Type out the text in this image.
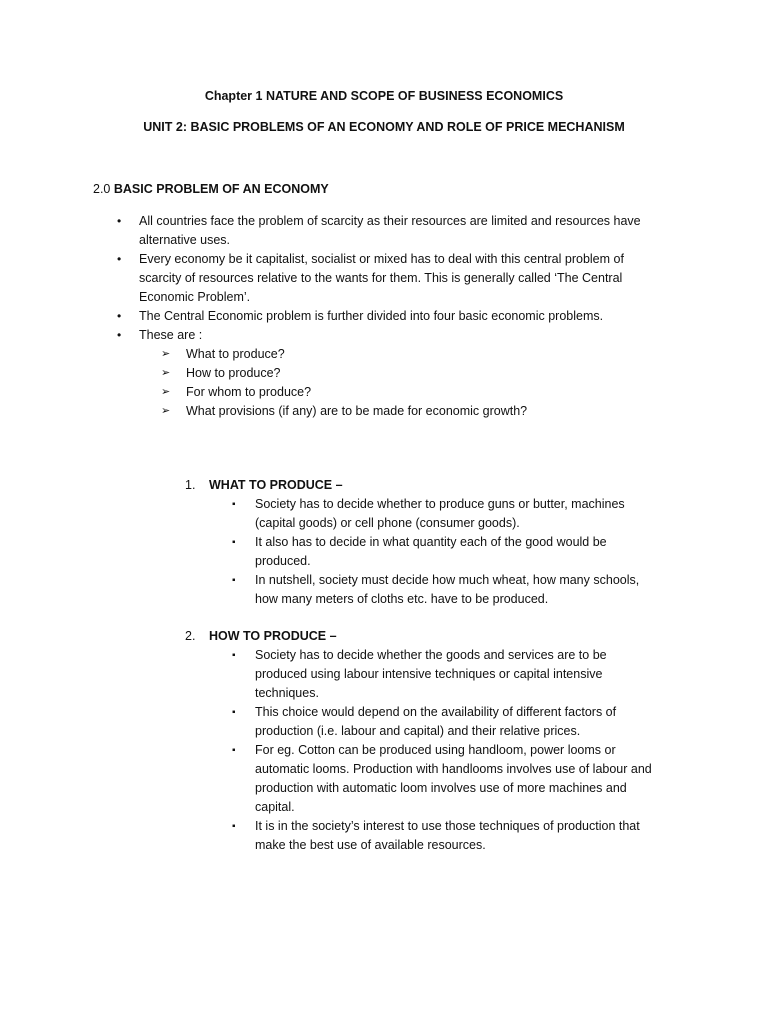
Chapter 1 NATURE AND SCOPE OF BUSINESS ECONOMICS
UNIT 2: BASIC PROBLEMS OF AN ECONOMY AND ROLE OF PRICE MECHANISM
2.0 BASIC PROBLEM OF AN ECONOMY
• All countries face the problem of scarcity as their resources are limited and resources have
alternative uses.
• Every economy be it capitalist, socialist or mixed has to deal with this central problem of
scarcity of resources relative to the wants for them. This is generally called ‘The Central
Economic Problem’.
• The Central Economic problem is further divided into four basic economic problems.
• These are :
➢ What to produce?
➢ How to produce?
➢ For whom to produce?
➢ What provisions (if any) are to be made for economic growth?
1. WHAT TO PRODUCE –
▪ Society has to decide whether to produce guns or butter, machines
(capital goods) or cell phone (consumer goods).
▪ It also has to decide in what quantity each of the good would be
produced.
▪ In nutshell, society must decide how much wheat, how many schools,
how many meters of cloths etc. have to be produced.
2. HOW TO PRODUCE –
▪ Society has to decide whether the goods and services are to be
produced using labour intensive techniques or capital intensive
techniques.
▪ This choice would depend on the availability of different factors of
production (i.e. labour and capital) and their relative prices.
▪ For eg. Cotton can be produced using handloom, power looms or
automatic looms. Production with handlooms involves use of labour and
production with automatic loom involves use of more machines and
capital.
▪ It is in the society’s interest to use those techniques of production that
make the best use of available resources.
